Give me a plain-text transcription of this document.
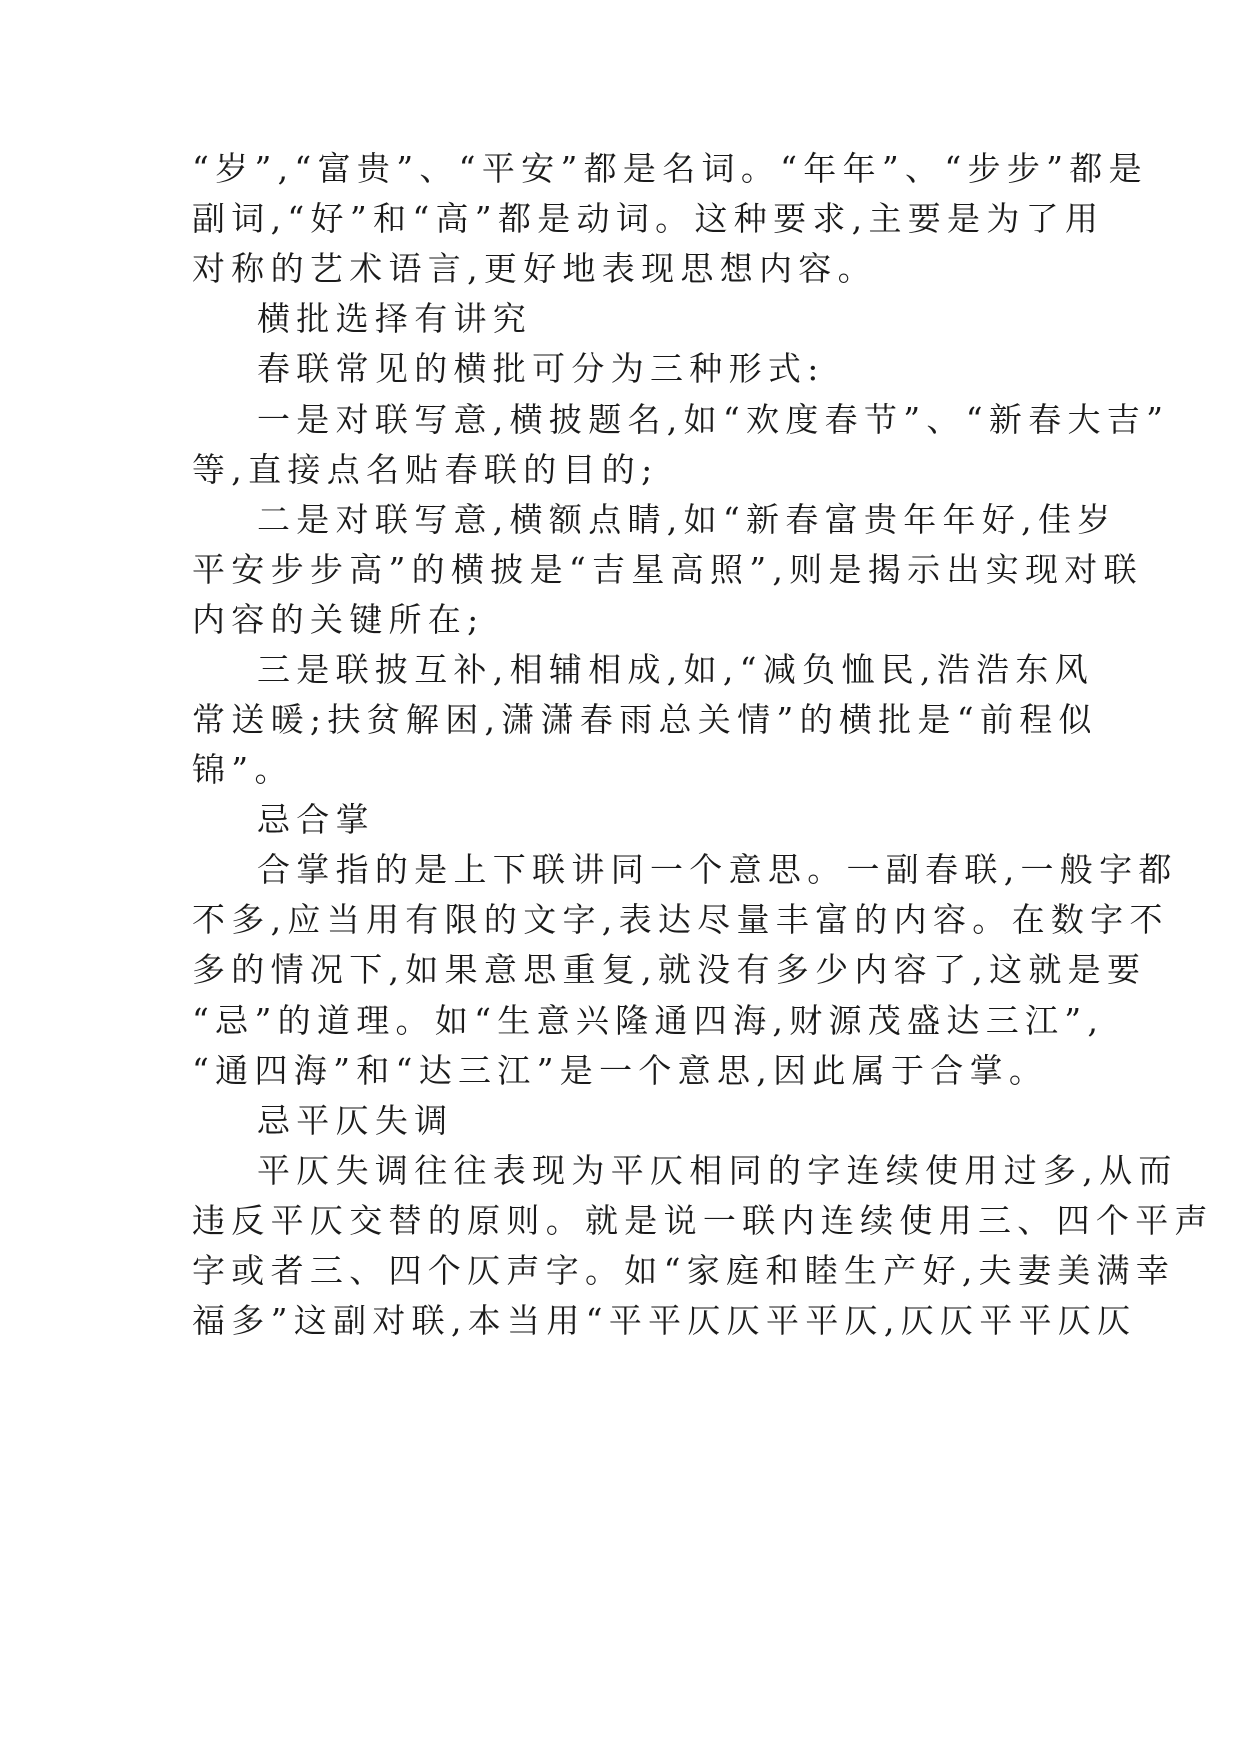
“岁”,“富贵”、“平安”都是名词。“年年”、“步步”都是
副词,“好”和“高”都是动词。这种要求,主要是为了用
对称的艺术语言,更好地表现思想内容。
横批选择有讲究
春联常见的横批可分为三种形式:
一是对联写意,横披题名,如“欢度春节”、“新春大吉”
等,直接点名贴春联的目的;
二是对联写意,横额点睛,如“新春富贵年年好,佳岁
平安步步高”的横披是“吉星高照”,则是揭示出实现对联
内容的关键所在;
三是联披互补,相辅相成,如,“减负恤民,浩浩东风
常送暖;扶贫解困,潇潇春雨总关情”的横批是“前程似
锦”。
忌合掌
合掌指的是上下联讲同一个意思。一副春联,一般字都
不多,应当用有限的文字,表达尽量丰富的内容。在数字不
多的情况下,如果意思重复,就没有多少内容了,这就是要
“忌”的道理。如“生意兴隆通四海,财源茂盛达三江”,
“通四海”和“达三江”是一个意思,因此属于合掌。
忌平仄失调
平仄失调往往表现为平仄相同的字连续使用过多,从而
违反平仄交替的原则。就是说一联内连续使用三、四个平声
字或者三、四个仄声字。如“家庭和睦生产好,夫妻美满幸
福多”这副对联,本当用“平平仄仄平平仄,仄仄平平仄仄
